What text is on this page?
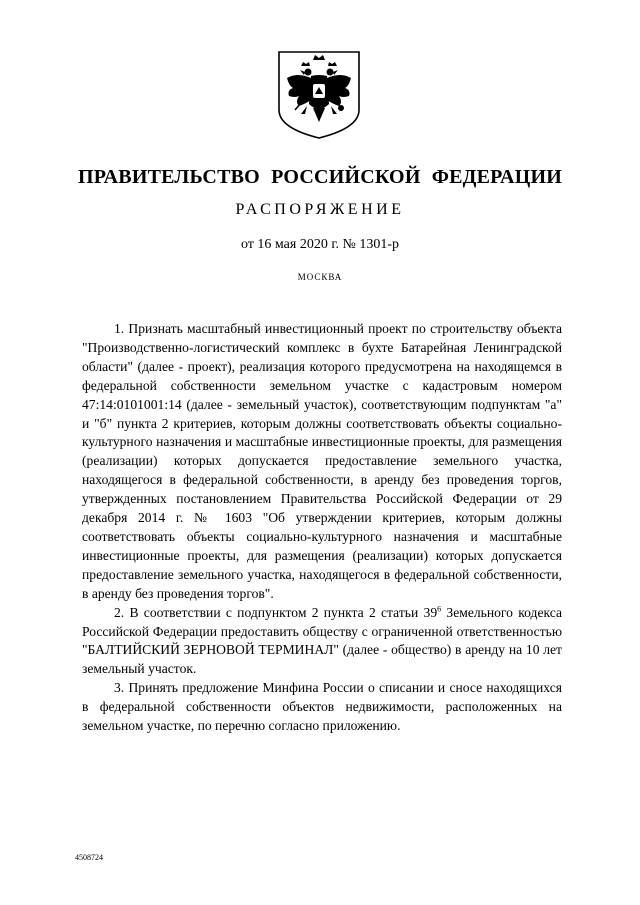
ПРАВИТЕЛЬСТВО РОССИЙСКОЙ ФЕДЕРАЦИИ
РАСПОРЯЖЕНИЕ
от 16 мая 2020 г. № 1301-р
МОСКВА

1. Признать масштабный инвестиционный проект по строительству объекта "Производственно-логистический комплекс в бухте Батарейная Ленинградской области" (далее - проект), реализация которого предусмотрена на находящемся в федеральной собственности земельном участке с кадастровым номером 47:14:0101001:14 (далее - земельный участок), соответствующим подпунктам "а" и "б" пункта 2 критериев, которым должны соответствовать объекты социально-культурного назначения и масштабные инвестиционные проекты, для размещения (реализации) которых допускается предоставление земельного участка, находящегося в федеральной собственности, в аренду без проведения торгов, утвержденных постановлением Правительства Российской Федерации от 29 декабря 2014 г. № 1603 "Об утверждении критериев, которым должны соответствовать объекты социально-культурного назначения и масштабные инвестиционные проекты, для размещения (реализации) которых допускается предоставление земельного участка, находящегося в федеральной собственности, в аренду без проведения торгов".

2. В соответствии с подпунктом 2 пункта 2 статьи $39^6$ Земельного кодекса Российской Федерации предоставить обществу с ограниченной ответственностью "БАЛТИЙСКИЙ ЗЕРНОВОЙ ТЕРМИНАЛ" (далее - общество) в аренду на 10 лет земельный участок.

3. Принять предложение Минфина России о списании и сносе находящихся в федеральной собственности объектов недвижимости, расположенных на земельном участке, по перечню согласно приложению.

4508724
